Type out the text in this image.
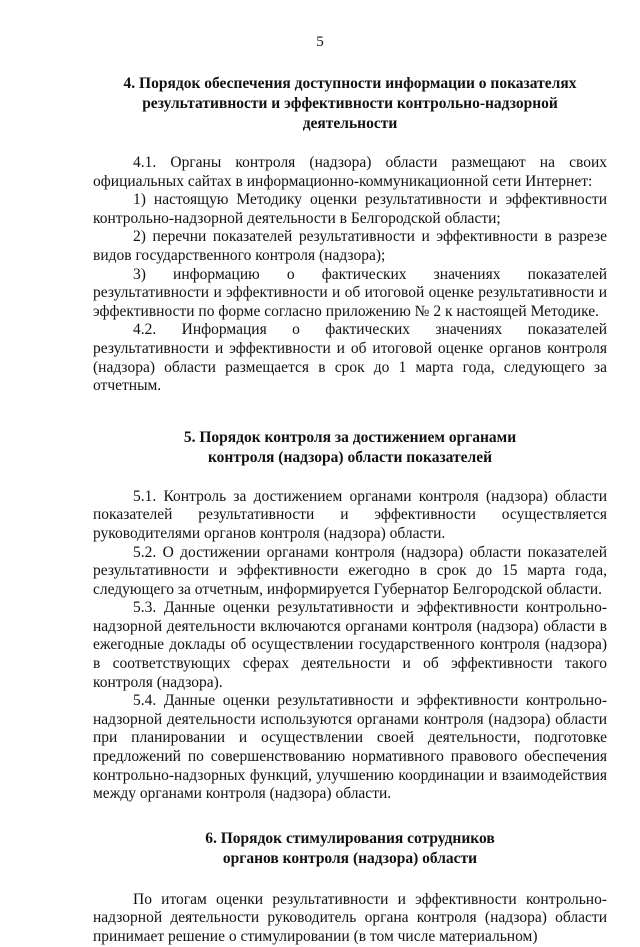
5
4. Порядок обеспечения доступности информации о показателях
результативности и эффективности контрольно-надзорной деятельности

4.1. Органы контроля (надзора) области размещают на своих официальных сайтах в информационно-коммуникационной сети Интернет:

1) настоящую Методику оценки результативности и эффективности контрольно-надзорной деятельности в Белгородской области;

2) перечни показателей результативности и эффективности в разрезе видов государственного контроля (надзора);

3) информацию о фактических значениях показателей результативности и эффективности и об итоговой оценке результативности и эффективности по форме согласно приложению № 2 к настоящей Методике.

4.2. Информация о фактических значениях показателей результативности и эффективности и об итоговой оценке органов контроля (надзора) области размещается в срок до 1 марта года, следующего за отчетным.

5. Порядок контроля за достижением органами
контроля (надзора) области показателей

5.1. Контроль за достижением органами контроля (надзора) области показателей результативности и эффективности осуществляется руководителями органов контроля (надзора) области.

5.2. О достижении органами контроля (надзора) области показателей результативности и эффективности ежегодно в срок до 15 марта года, следующего за отчетным, информируется Губернатор Белгородской области.

5.3. Данные оценки результативности и эффективности контрольно-надзорной деятельности включаются органами контроля (надзора) области в ежегодные доклады об осуществлении государственного контроля (надзора) в соответствующих сферах деятельности и об эффективности такого контроля (надзора).

5.4. Данные оценки результативности и эффективности контрольно-надзорной деятельности используются органами контроля (надзора) области при планировании и осуществлении своей деятельности, подготовке предложений по совершенствованию нормативного правового обеспечения контрольно-надзорных функций, улучшению координации и взаимодействия между органами контроля (надзора) области.

6. Порядок стимулирования сотрудников
органов контроля (надзора) области

По итогам оценки результативности и эффективности контрольно-надзорной деятельности руководитель органа контроля (надзора) области принимает решение о стимулировании (в том числе материальном)
